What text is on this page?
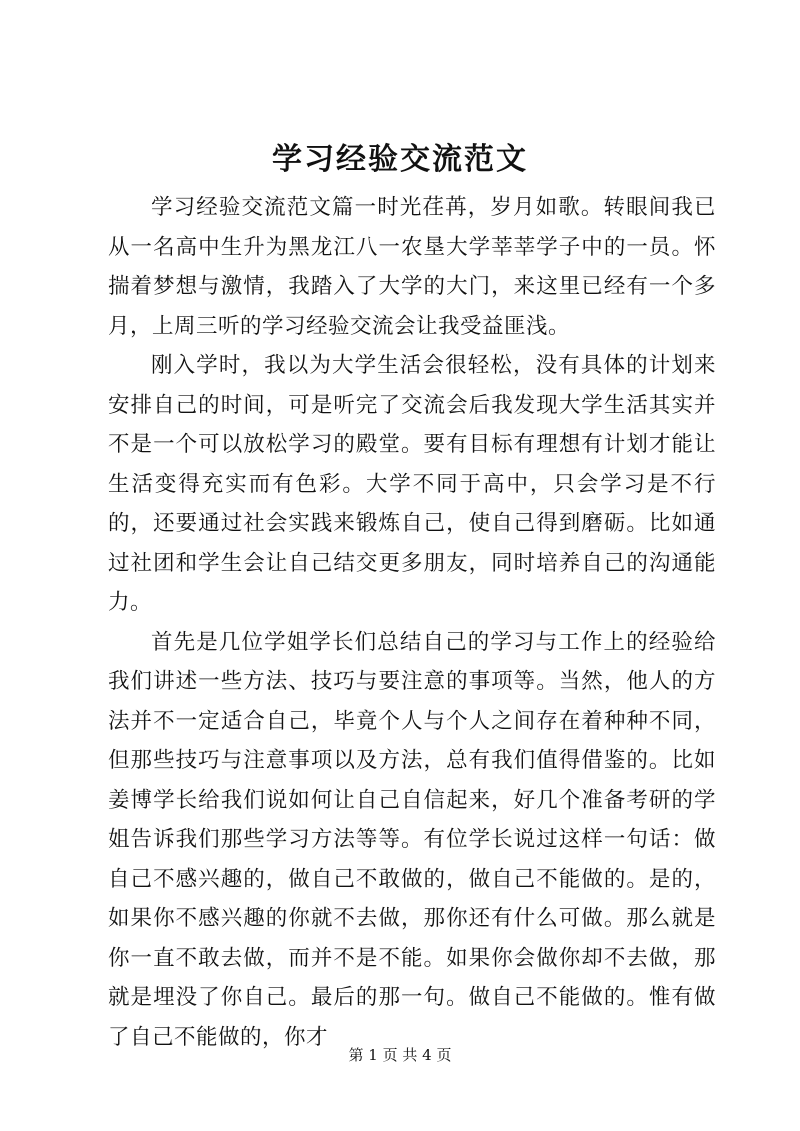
学习经验交流范文

学习经验交流范文篇一时光荏苒，岁月如歌。转眼间我已从一名高中生升为黑龙江八一农垦大学莘莘学子中的一员。怀揣着梦想与激情，我踏入了大学的大门，来这里已经有一个多月，上周三听的学习经验交流会让我受益匪浅。

刚入学时，我以为大学生活会很轻松，没有具体的计划来安排自己的时间，可是听完了交流会后我发现大学生活其实并不是一个可以放松学习的殿堂。要有目标有理想有计划才能让生活变得充实而有色彩。大学不同于高中，只会学习是不行的，还要通过社会实践来锻炼自己，使自己得到磨砺。比如通过社团和学生会让自己结交更多朋友，同时培养自己的沟通能力。

首先是几位学姐学长们总结自己的学习与工作上的经验给我们讲述一些方法、技巧与要注意的事项等。当然，他人的方法并不一定适合自己，毕竟个人与个人之间存在着种种不同，但那些技巧与注意事项以及方法，总有我们值得借鉴的。比如姜博学长给我们说如何让自己自信起来，好几个准备考研的学姐告诉我们那些学习方法等等。有位学长说过这样一句话：做自己不感兴趣的，做自己不敢做的，做自己不能做的。是的，如果你不感兴趣的你就不去做，那你还有什么可做。那么就是你一直不敢去做，而并不是不能。如果你会做你却不去做，那就是埋没了你自己。最后的那一句。做自己不能做的。惟有做了自己不能做的，你才

第 1 页 共 4 页
